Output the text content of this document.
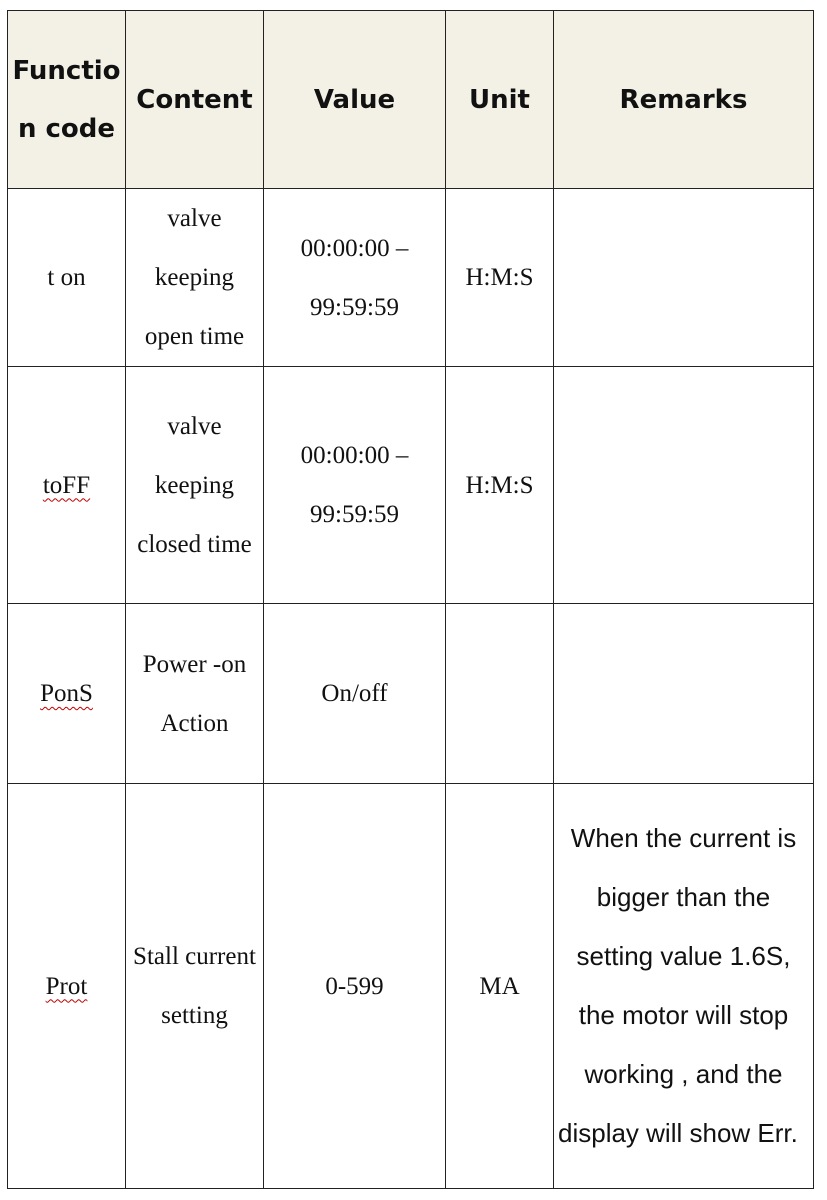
Function code	Content	Value	Unit	Remarks
t on	valve keeping open time	00:00:00 – 99:59:59	H:M:S	
toFF	valve keeping closed time	00:00:00 – 99:59:59	H:M:S	
PonS	Power -on Action	On/off		
Prot	Stall current setting	0-599	MA	When the current is bigger than the setting value 1.6S, the motor will stop working , and the display will show Err.
